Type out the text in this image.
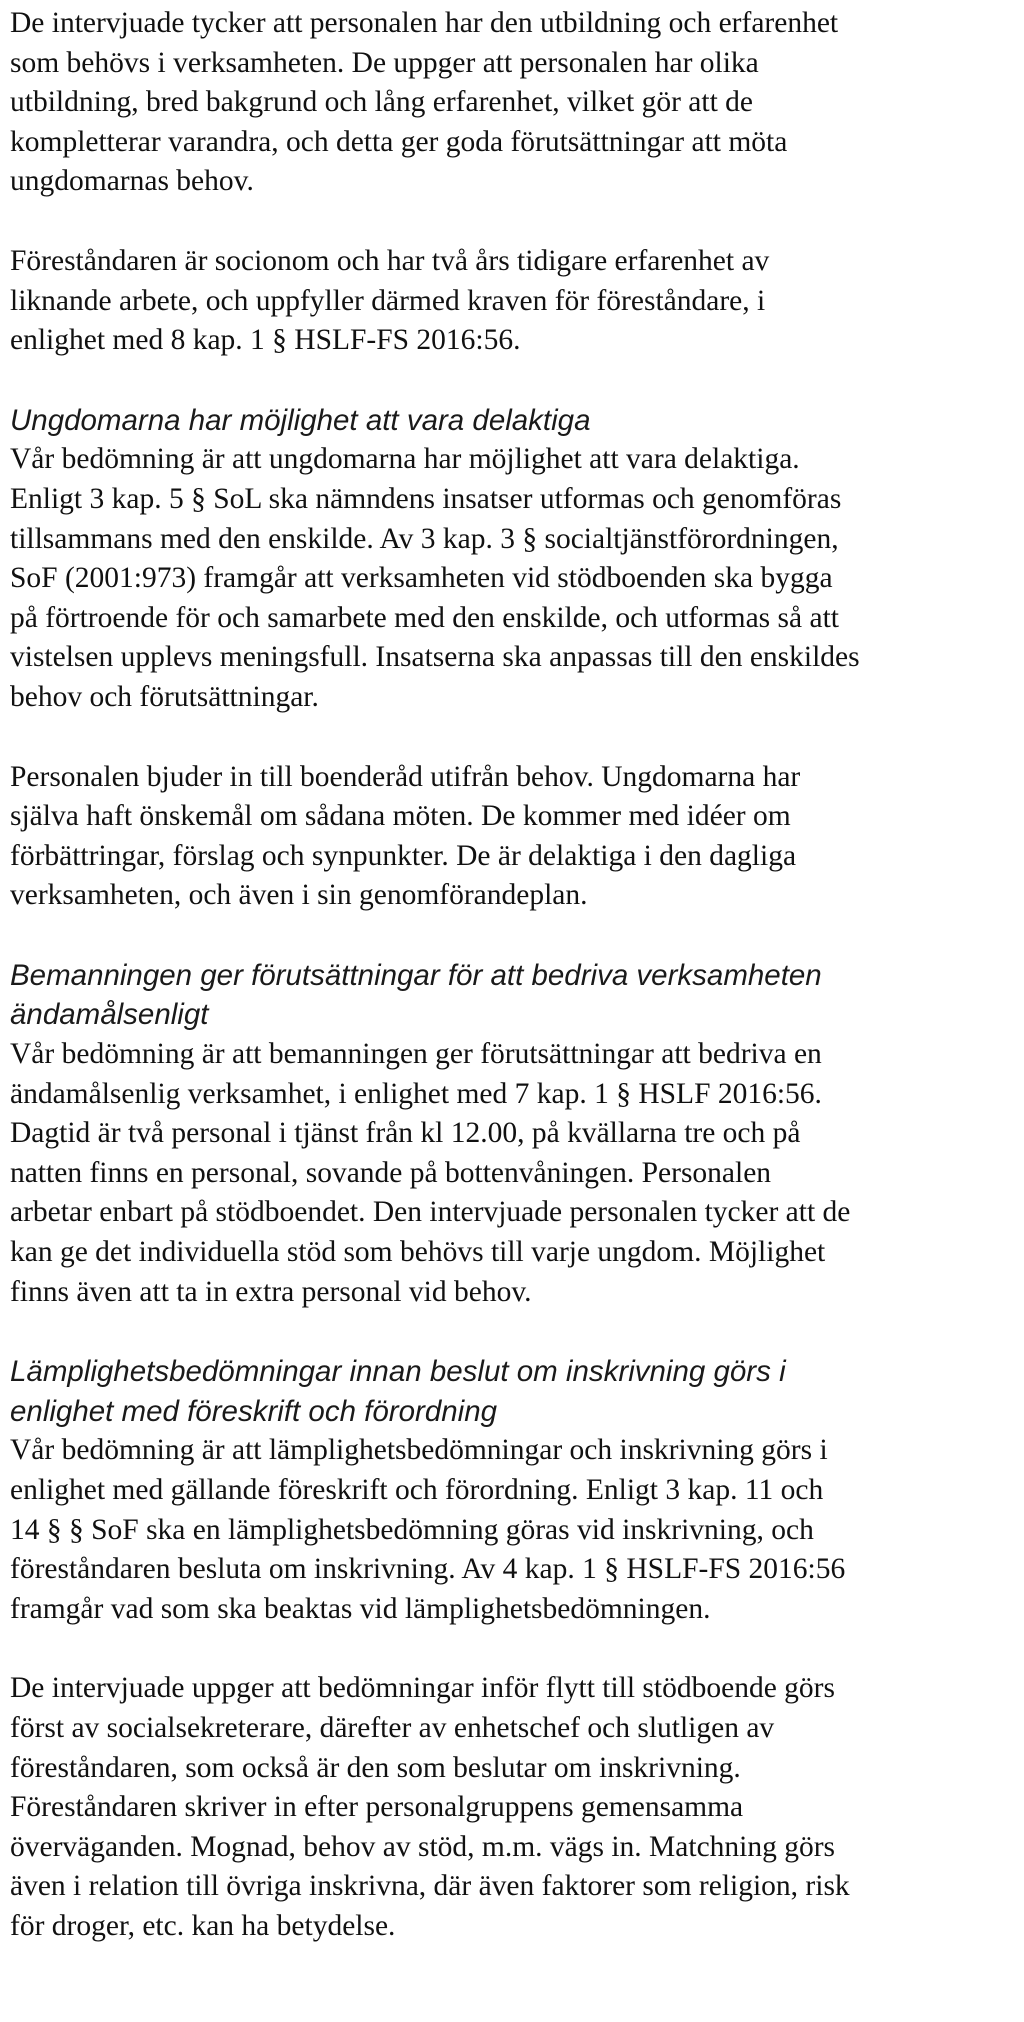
De intervjuade tycker att personalen har den utbildning och erfarenhet
som behövs i verksamheten. De uppger att personalen har olika
utbildning, bred bakgrund och lång erfarenhet, vilket gör att de
kompletterar varandra, och detta ger goda förutsättningar att möta
ungdomarnas behov.

Föreståndaren är socionom och har två års tidigare erfarenhet av
liknande arbete, och uppfyller därmed kraven för föreståndare, i
enlighet med 8 kap. 1 § HSLF-FS 2016:56.

Ungdomarna har möjlighet att vara delaktiga

Vår bedömning är att ungdomarna har möjlighet att vara delaktiga.
Enligt 3 kap. 5 § SoL ska nämndens insatser utformas och genomföras
tillsammans med den enskilde. Av 3 kap. 3 § socialtjänstförordningen,
SoF (2001:973) framgår att verksamheten vid stödboenden ska bygga
på förtroende för och samarbete med den enskilde, och utformas så att
vistelsen upplevs meningsfull. Insatserna ska anpassas till den enskildes
behov och förutsättningar.

Personalen bjuder in till boenderåd utifrån behov. Ungdomarna har
själva haft önskemål om sådana möten. De kommer med idéer om
förbättringar, förslag och synpunkter. De är delaktiga i den dagliga
verksamheten, och även i sin genomförandeplan.

Bemanningen ger förutsättningar för att bedriva verksamheten
ändamålsenligt

Vår bedömning är att bemanningen ger förutsättningar att bedriva en
ändamålsenlig verksamhet, i enlighet med 7 kap. 1 § HSLF 2016:56.
Dagtid är två personal i tjänst från kl 12.00, på kvällarna tre och på
natten finns en personal, sovande på bottenvåningen. Personalen
arbetar enbart på stödboendet. Den intervjuade personalen tycker att de
kan ge det individuella stöd som behövs till varje ungdom. Möjlighet
finns även att ta in extra personal vid behov.

Lämplighetsbedömningar innan beslut om inskrivning görs i
enlighet med föreskrift och förordning

Vår bedömning är att lämplighetsbedömningar och inskrivning görs i
enlighet med gällande föreskrift och förordning. Enligt 3 kap. 11 och
14 § § SoF ska en lämplighetsbedömning göras vid inskrivning, och
föreståndaren besluta om inskrivning. Av 4 kap. 1 § HSLF-FS 2016:56
framgår vad som ska beaktas vid lämplighetsbedömningen.

De intervjuade uppger att bedömningar inför flytt till stödboende görs
först av socialsekreterare, därefter av enhetschef och slutligen av
föreståndaren, som också är den som beslutar om inskrivning.
Föreståndaren skriver in efter personalgruppens gemensamma
överväganden. Mognad, behov av stöd, m.m. vägs in. Matchning görs
även i relation till övriga inskrivna, där även faktorer som religion, risk
för droger, etc. kan ha betydelse.
